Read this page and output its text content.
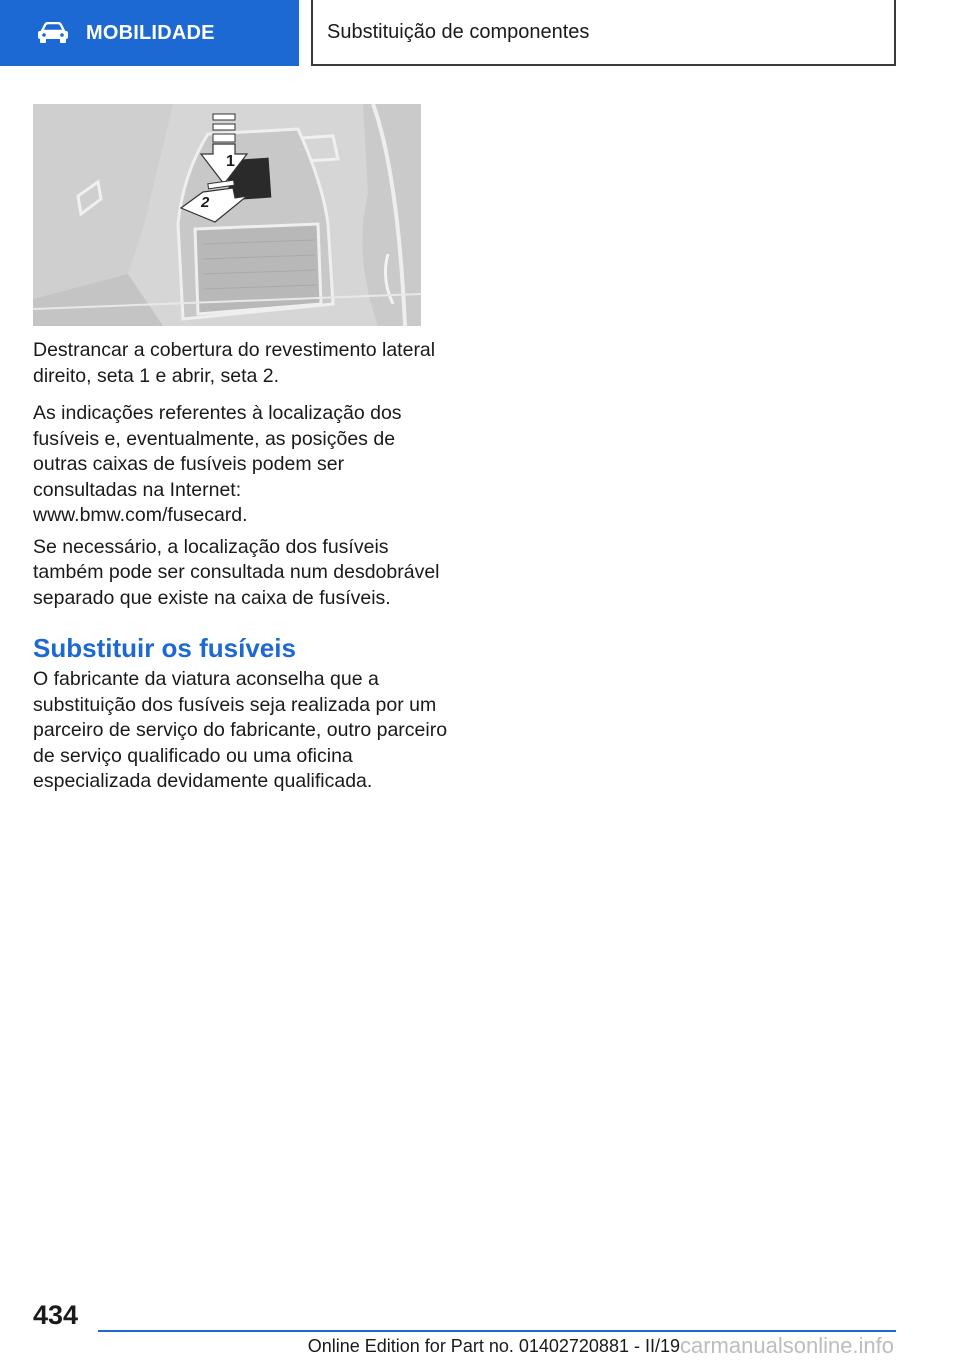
MOBILIDADE	Substituição de componentes
1
2

Destrancar a cobertura do revestimento lateral direito, seta 1 e abrir, seta 2.

As indicações referentes à localização dos fusíveis e, eventualmente, as posições de outras caixas de fusíveis podem ser consultadas na Internet: www.bmw.com/fusecard.

Se necessário, a localização dos fusíveis também pode ser consultada num desdobrável separado que existe na caixa de fusíveis.

Substituir os fusíveis

O fabricante da viatura aconselha que a substituição dos fusíveis seja realizada por um parceiro de serviço do fabricante, outro parceiro de serviço qualificado ou uma oficina especializada devidamente qualificada.

434
Online Edition for Part no. 01402720881 - II/19 carmanualsonline.info
